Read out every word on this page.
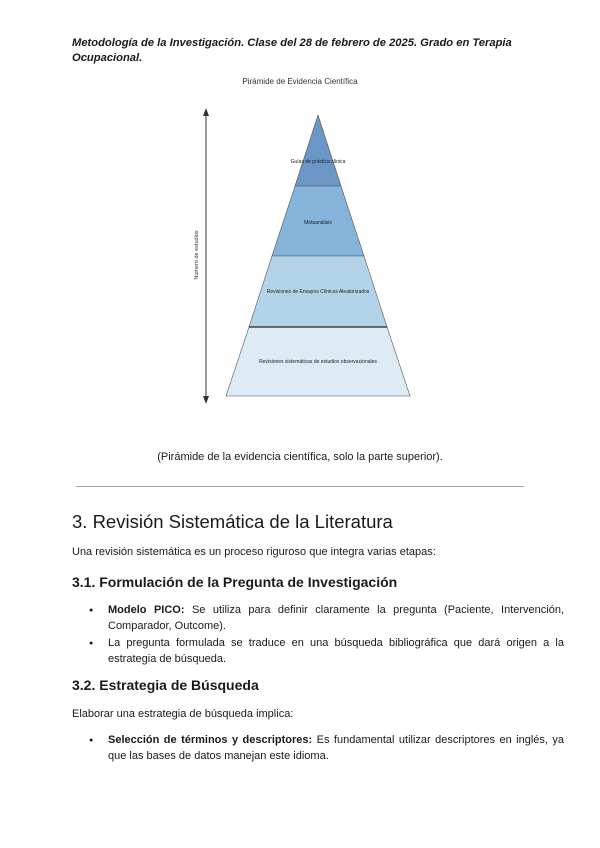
Metodología de la Investigación. Clase del 28 de febrero de 2025. Grado en Terapia Ocupacional.
Pirámide de Evidencia Científica
Número de estudios
Guías de práctica clínica
Metaanálisis
Revisiones de Ensayos Clínicos Aleatorizados
Revisiones sistemáticas de estudios observacionales
(Pirámide de la evidencia científica, solo la parte superior).
3. Revisión Sistemática de la Literatura
Una revisión sistemática es un proceso riguroso que integra varias etapas:
3.1. Formulación de la Pregunta de Investigación
● Modelo PICO: Se utiliza para definir claramente la pregunta (Paciente, Intervención, Comparador, Outcome).
● La pregunta formulada se traduce en una búsqueda bibliográfica que dará origen a la estrategia de búsqueda.
3.2. Estrategia de Búsqueda
Elaborar una estrategia de búsqueda implica:
● Selección de términos y descriptores: Es fundamental utilizar descriptores en inglés, ya que las bases de datos manejan este idioma.
